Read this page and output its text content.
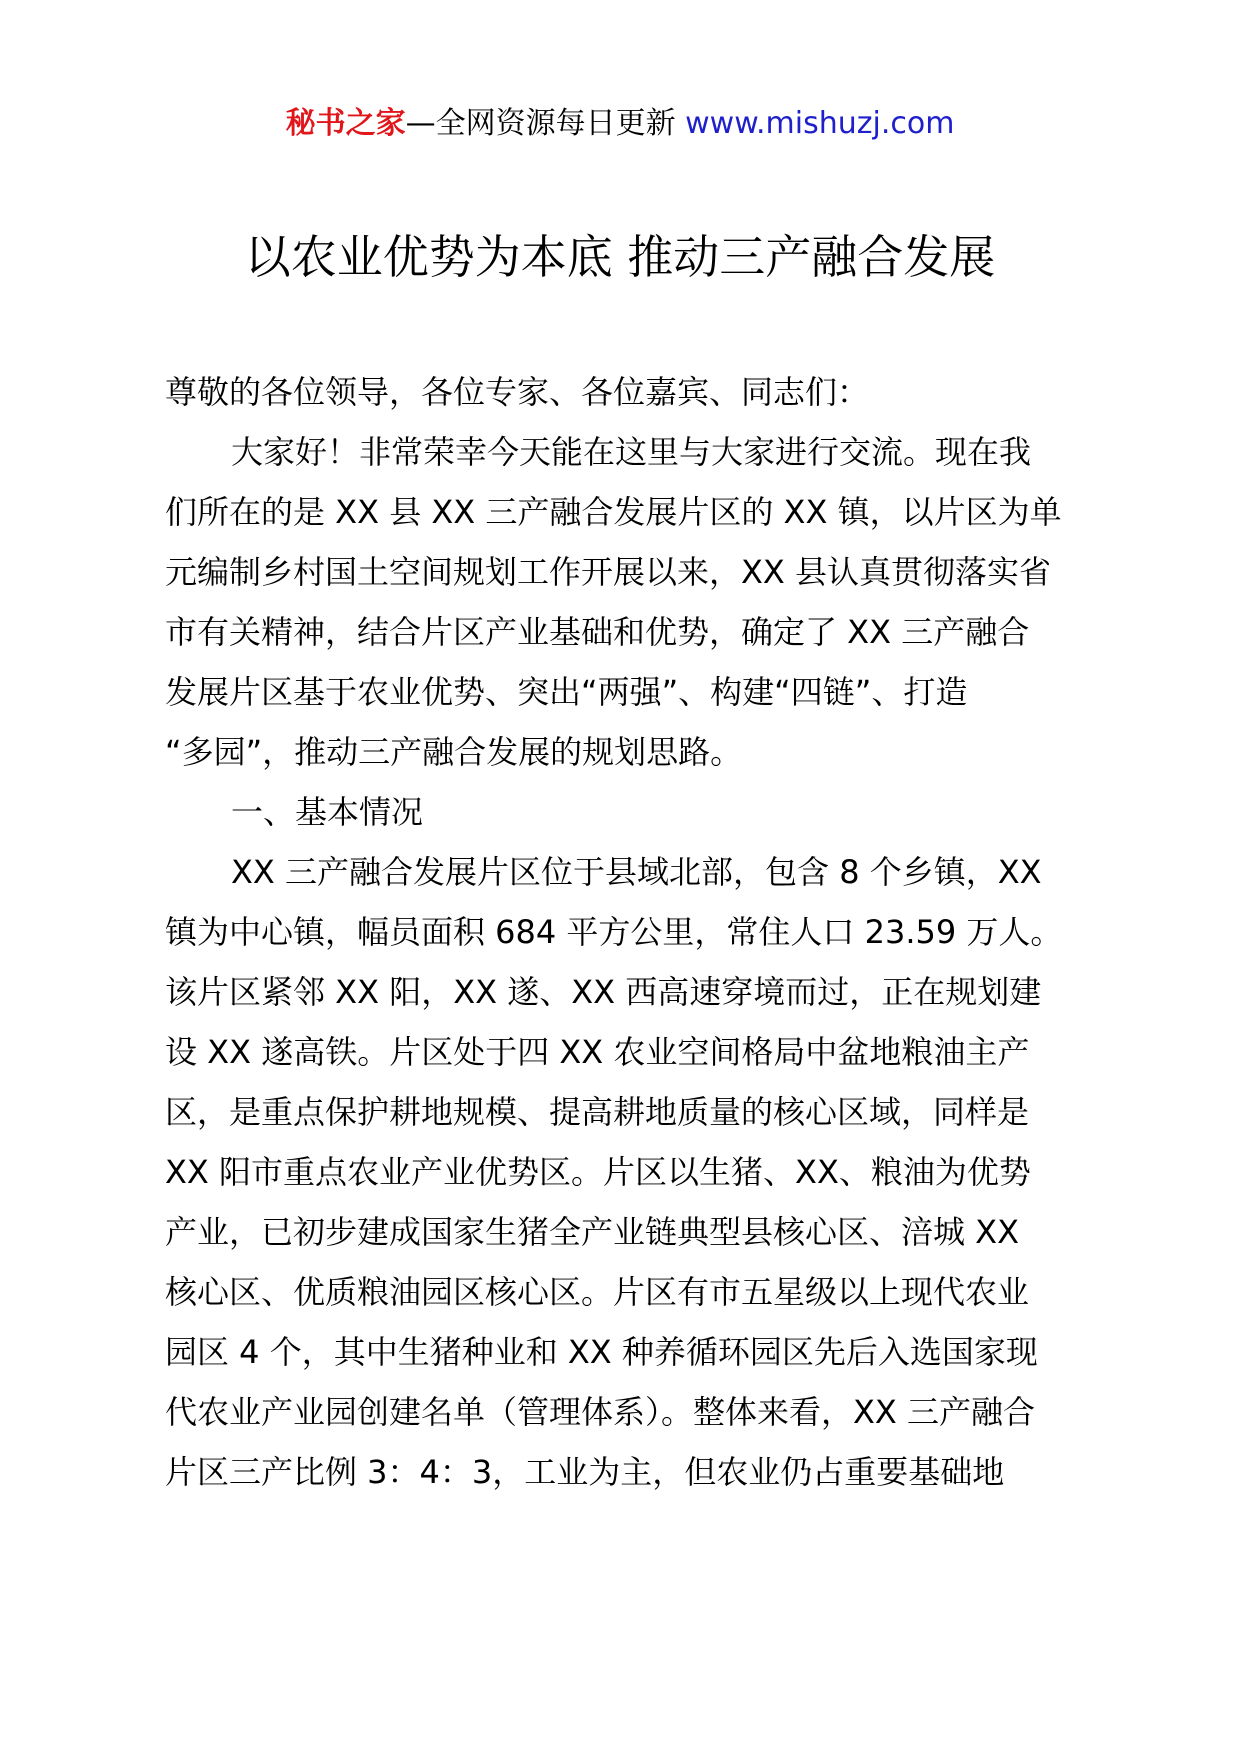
秘书之家—全网资源每日更新 www.mishuzj.com
以农业优势为本底 推动三产融合发展
尊敬的各位领导，各位专家、各位嘉宾、同志们：
大家好！非常荣幸今天能在这里与大家进行交流。现在我
们所在的是 XX 县 XX 三产融合发展片区的 XX 镇，以片区为单
元编制乡村国土空间规划工作开展以来，XX 县认真贯彻落实省
市有关精神，结合片区产业基础和优势，确定了 XX 三产融合
发展片区基于农业优势、突出“两强”、构建“四链”、打造
“多园”，推动三产融合发展的规划思路。
一、基本情况
XX 三产融合发展片区位于县域北部，包含 8 个乡镇，XX
镇为中心镇，幅员面积 684 平方公里，常住人口 23.59 万人。
该片区紧邻 XX 阳，XX 遂、XX 西高速穿境而过，正在规划建
设 XX 遂高铁。片区处于四 XX 农业空间格局中盆地粮油主产
区，是重点保护耕地规模、提高耕地质量的核心区域，同样是
XX 阳市重点农业产业优势区。片区以生猪、XX、粮油为优势
产业，已初步建成国家生猪全产业链典型县核心区、涪城 XX
核心区、优质粮油园区核心区。片区有市五星级以上现代农业
园区 4 个，其中生猪种业和 XX 种养循环园区先后入选国家现
代农业产业园创建名单（管理体系）。整体来看，XX 三产融合
片区三产比例 3：4：3，工业为主，但农业仍占重要基础地
